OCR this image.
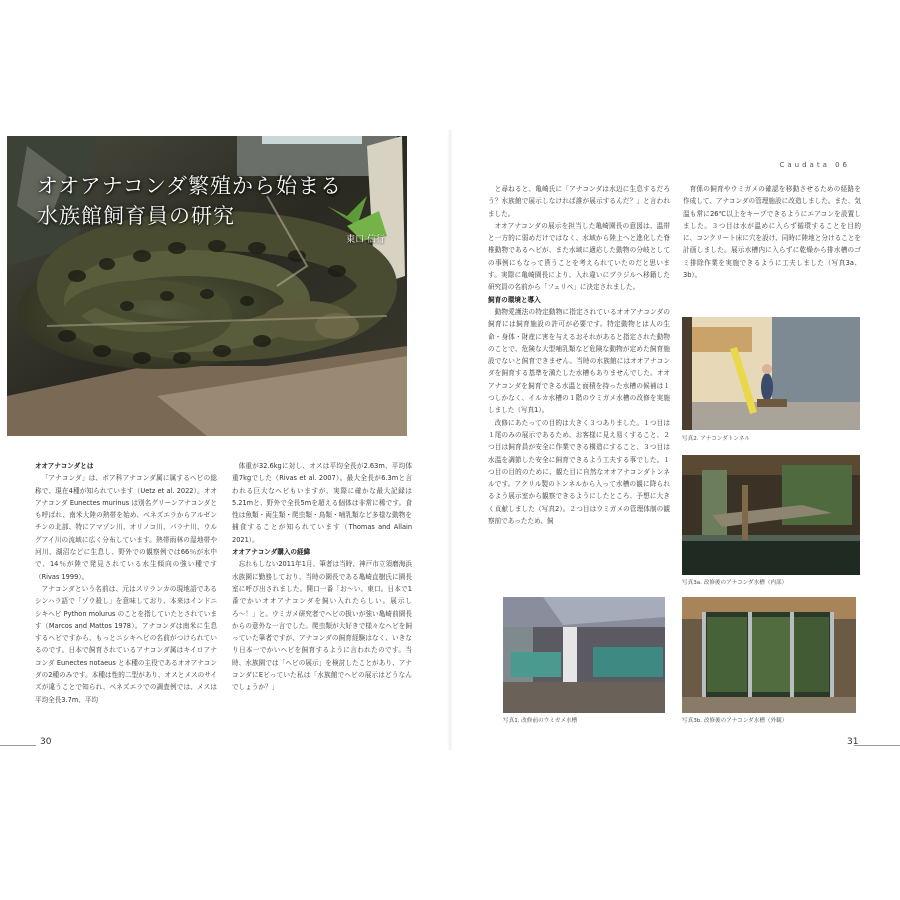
オオアナコンダ繁殖から始まる
水族館飼育員の研究
東口 信行

オオアナコンダとは

「アナコンダ」は、ボア科アナコンダ属に属するヘビの総称で、現在4種が知られています（Uetz et al. 2022）。オオアナコンダ Eunectes murinus は別名グリーンアナコンダとも呼ばれ、南米大陸の熱帯を始め、ベネズエラからアルゼンチンの北部、特にアマゾン川、オリノコ川、パラナ川、ウルグアイ川の流域に広く分布しています。熱帯雨林の湿地帯や河川、湖沼などに生息し、野外での観察例では66％が水中で、14％が陸で発見されている水生傾向の強い種です（Rivas 1999）。

アナコンダという名前は、元はスリランカの現地語であるシンハラ語で「ゾウ殺し」を意味しており、本来はインドニシキヘビ Python molurus のことを指していたとされています（Marcos and Mattos 1978）。アナコンダは南米に生息するヘビですから、もっとニシキヘビの名前がつけられているのです。日本で飼育されているアナコンダ属はキイロアナコンダ Eunectes notaeus と本種の主役であるオオアナコンダの2種のみです。本種は性的二型があり、オスとメスのサイズが違うことで知られ、ベネズエラでの調査例では、メスは平均全長3.7m、平均

体重が32.6kgに対し、オスは平均全長が2.63m、平均体重7kgでした（Rivas et al. 2007）。最大全長が6.3mと言われる巨大なヘビもいますが、実際に確かな最大記録は5.21mと、野外で全長5mを超える個体は非常に稀です。食性は魚類・両生類・爬虫類・鳥類・哺乳類など多様な動物を捕食することが知られています（Thomas and Allain 2021）。

オオアナコンダ購入の経緯

忘れもしない2011年1月、筆者は当時、神戸市立須磨海浜水族園に勤務しており、当時の園長である亀崎直樹氏に園長室に呼び出されました。開口一番「お〜い、東口。日本で1番でかいオオアナコンダを飼い入れたらしい。展示しろ〜！」と。ウミガメ研究者でヘビの扱いが強い亀崎前園長からの意外な一言でした。爬虫類が大好きで様々なヘビを飼っていた筆者ですが、アナコンダの飼育経験はなく、いきなり日本一でかいヘビを飼育するように言われたのです。当時、水族園では「ヘビの展示」を検討したことがあり、アナコンダにEビっていた私は「水族館でヘビの展示はどうなんでしょうか？」

30
Caudata 06

と尋ねると、亀崎氏に「アナコンダは水辺に生息するだろう？水族館で展示しなければ誰が展示するんだ？」と言われました。

オオアナコンダの展示を担当した亀崎園長の意図は、温帯と一方的に弱めだけではなく、水域から陸上へと進化した脊椎動物であるヘビが、また水域に適応した動物の分岐としての事例にもなって貰うことを考えられていたのだと思います。実際に亀崎園長により、入れ違いにブラジルへ移籍した研究員の名前から「フェリペ」に決定されました。

飼育の環境と導入

動物愛護法の特定動物に指定されているオオアナコンダの飼育には飼育施設の許可が必要です。特定動物とは人の生命・身体・財産に害を与えるおそれがあると指定された動物のことで、危険な大型哺乳類など危険な動物が定めた飼育施設でないと飼育できません。当時の水族館にはオオアナコンダを飼育する基準を満たした水槽もありませんでした。オオアナコンダを飼育できる水温と面積を持った水槽の候補は１つしかなく、イルカ水槽の１階のウミガメ水槽の改修を実施しました（写真1）。

改修にあたっての目的は大きく３つありました。１つ目は１尾のみの展示であるため、お客様に見え易くすること、２つ目は飼育員が安全に作業できる構造にすること、３つ目は水温を調節した安全に飼育できるよう工夫する事でした。１つ目の目的のために、観た目に自然なオオアナコンダトンネルです。アクリル製のトンネルから入って水槽の観に降られるよう展示室から観察できるようにしたところ、予想に大きく貢献しました（写真2）。２つ目はウミガメの管理体制の観察前であったため、飼

育係の飼育やウミガメの確認を移動させるための経路を作成して、アナコンダの管理施設に改造しました。また、気温も常に26℃以上をキープできるようにエアコンを設置しました。３つ目は水が温めに入らず循環することを目的に、コンクリート床に穴を設け、同時に陸地と分けることを計画しました。展示水槽内に入らずに乾燥から排水槽のゴミ排除作業を実施できるように工夫しました（写真3a、3b）。

写真2. アナコンダトンネル
写真3a. 改修後のアナコンダ水槽（内部）
写真1. 改修前のウミガメ水槽	写真3b. 改修後のアナコンダ水槽（外観）
31
